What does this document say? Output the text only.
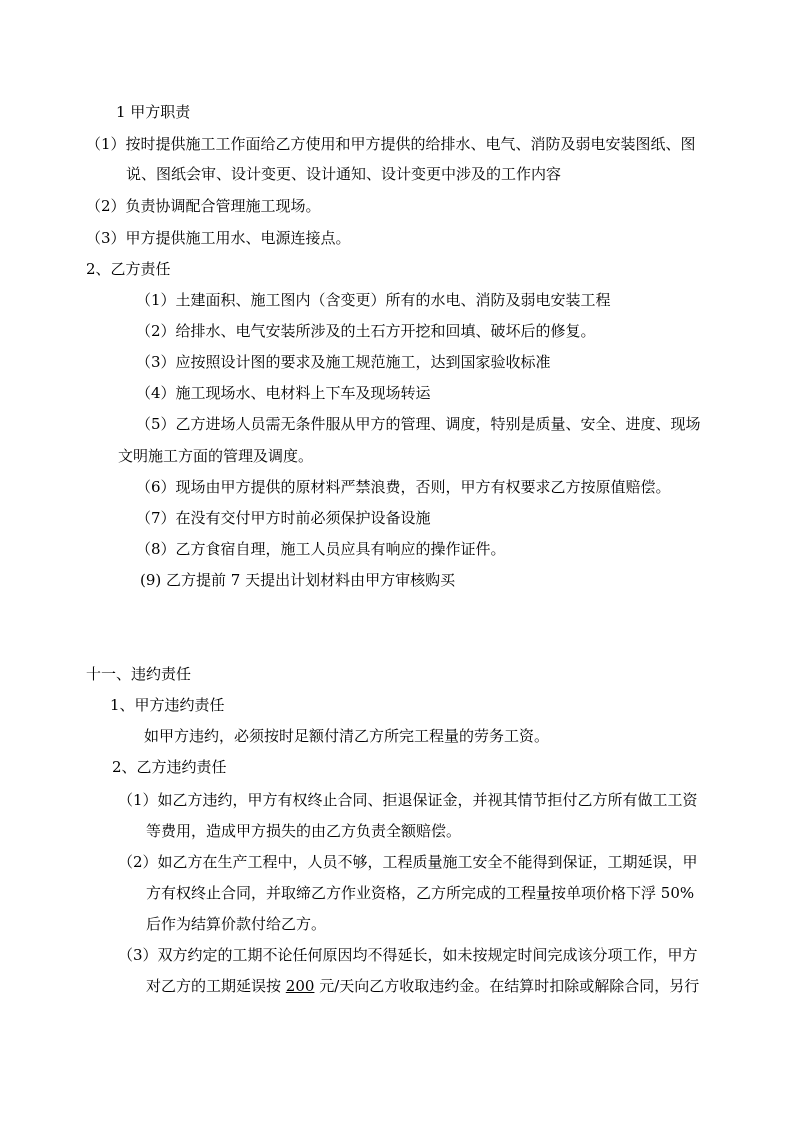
1 甲方职责
（1）按时提供施工工作面给乙方使用和甲方提供的给排水、电气、消防及弱电安装图纸、图
说、图纸会审、设计变更、设计通知、设计变更中涉及的工作内容
（2）负责协调配合管理施工现场。
（3）甲方提供施工用水、电源连接点。
2、乙方责任
（1）土建面积、施工图内（含变更）所有的水电、消防及弱电安装工程
（2）给排水、电气安装所涉及的土石方开挖和回填、破坏后的修复。
（3）应按照设计图的要求及施工规范施工，达到国家验收标准
（4）施工现场水、电材料上下车及现场转运
（5）乙方进场人员需无条件服从甲方的管理、调度，特别是质量、安全、进度、现场
文明施工方面的管理及调度。
（6）现场由甲方提供的原材料严禁浪费，否则，甲方有权要求乙方按原值赔偿。
（7）在没有交付甲方时前必须保护设备设施
（8）乙方食宿自理，施工人员应具有响应的操作证件。
(9) 乙方提前 7 天提出计划材料由甲方审核购买
十一、违约责任
1、甲方违约责任
如甲方违约，必须按时足额付清乙方所完工程量的劳务工资。
2、乙方违约责任
（1）如乙方违约，甲方有权终止合同、拒退保证金，并视其情节拒付乙方所有做工工资
等费用，造成甲方损失的由乙方负责全额赔偿。
（2）如乙方在生产工程中，人员不够，工程质量施工安全不能得到保证，工期延误，甲
方有权终止合同，并取缔乙方作业资格，乙方所完成的工程量按单项价格下浮 50%
后作为结算价款付给乙方。
（3）双方约定的工期不论任何原因均不得延长，如未按规定时间完成该分项工作，甲方
对乙方的工期延误按 200 元/天向乙方收取违约金。在结算时扣除或解除合同，另行
